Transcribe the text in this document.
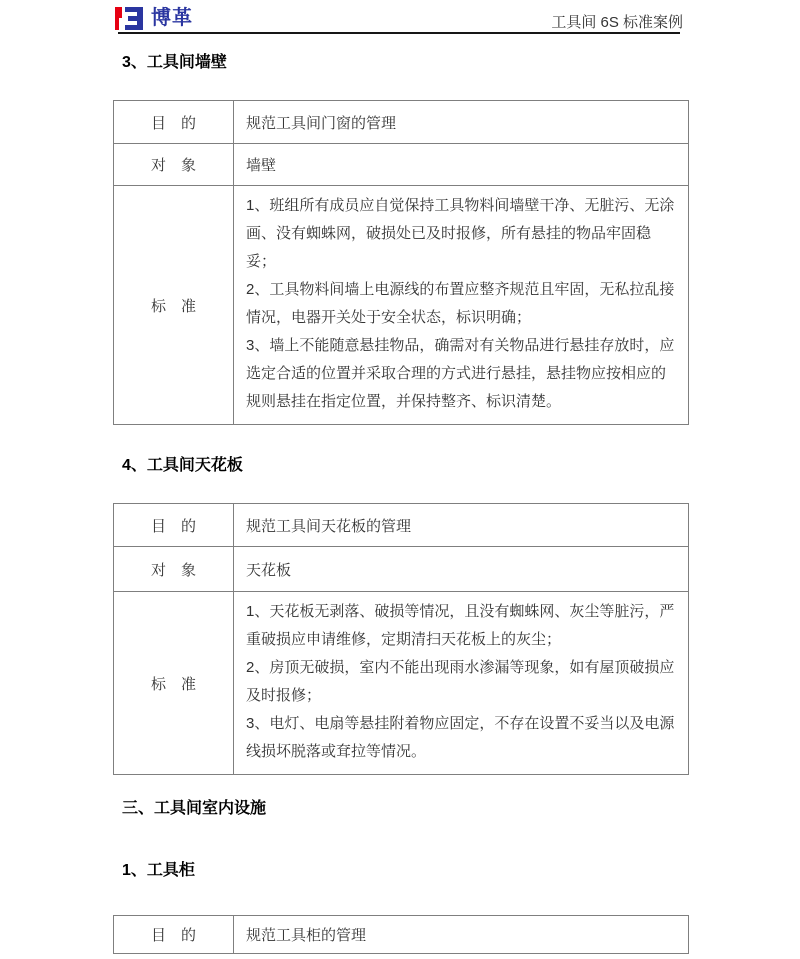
博革	工具间 6S 标准案例
3、工具间墙壁
目　的	规范工具间门窗的管理
对　象	墙壁
标　准	1、班组所有成员应自觉保持工具物料间墙壁干净、无脏污、无涂画、没有蜘蛛网，破损处已及时报修，所有悬挂的物品牢固稳妥；

2、工具物料间墙上电源线的布置应整齐规范且牢固，无私拉乱接情况，电器开关处于安全状态，标识明确；

3、墙上不能随意悬挂物品，确需对有关物品进行悬挂存放时，应选定合适的位置并采取合理的方式进行悬挂，悬挂物应按相应的规则悬挂在指定位置，并保持整齐、标识清楚。

4、工具间天花板
目　的	规范工具间天花板的管理
对　象	天花板
标　准	1、天花板无剥落、破损等情况，且没有蜘蛛网、灰尘等脏污，严重破损应申请维修，定期清扫天花板上的灰尘；

2、房顶无破损，室内不能出现雨水渗漏等现象，如有屋顶破损应及时报修；

3、电灯、电扇等悬挂附着物应固定，不存在设置不妥当以及电源线损坏脱落或耷拉等情况。

三、工具间室内设施
1、工具柜
目　的	规范工具柜的管理
